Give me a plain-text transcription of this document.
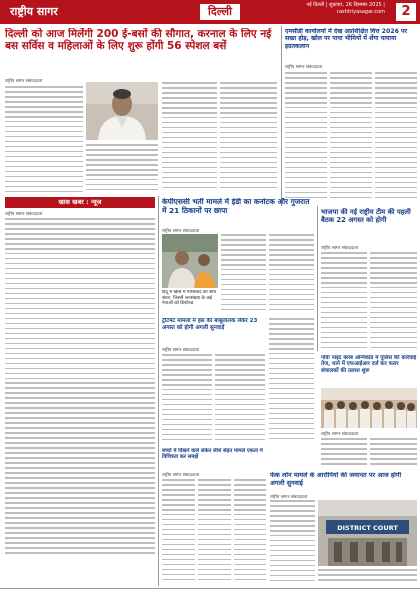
राष्ट्रीय सागर	दिल्ली	नई दिल्ली | शुक्रवार, 26 दिसम्बर 2025 | rashtriyasagar.com	2
दिल्ली को आज मिलेंगी 200 ई-बसों की सौगात, करनाल के लिए नई बस सर्विस व महिलाओं के लिए शुरू होंगी 56 स्पेशल बसें
राष्ट्रीय सागर संवाददाता
एमसीडी कार्यालयों में देख अप्रशिक्षित वित्त 2026 पर सख्त होड़, खोल पर पाया भीमियों में शेंगा यायाया इग्रतकलान
राष्ट्रीय सागर संवाददाता
खास खबर : न्यूज
राष्ट्रीय सागर संवाददाता
केपीएससी भर्ती मामले में ईडी का कर्नाटक और गुजरात में 21 ठिकानों पर छापा
राष्ट्रीय सागर संवाददाता
हिंदू में खास में परिसंवाद की साथ संघन, जिसमें जनसंख्या के कई नेताओं को डिफ़ोल्ड
ट्रीटमेंट मामलों में हंस की बाबूलालक लेकर 23 अगस्त को होगी अगली सुनवाई
राष्ट्रीय सागर संवाददाता
भाजपा की नई राष्ट्रीय टीम की पहली बैठक 22 अगस्त को होगी
राष्ट्रीय सागर संवाददाता
गोवा नाइट क्लब अग्निकांड में पुलिस की कार्रवाई तेज, थाने में एफआईआर दर्ज कर फरार संचालकों की तलाश शुरू
राष्ट्रीय सागर संवाददाता
बच्चों में दिखने वाले संकेत सीधे सेहत मामले एकता में विचित्रता कर समझें
राष्ट्रीय सागर संवाददाता	फेक लोन मामले के आरोपियों की जमानत पर आज होगी अगली सुनवाई
राष्ट्रीय सागर संवाददाता
DISTRICT COURT
